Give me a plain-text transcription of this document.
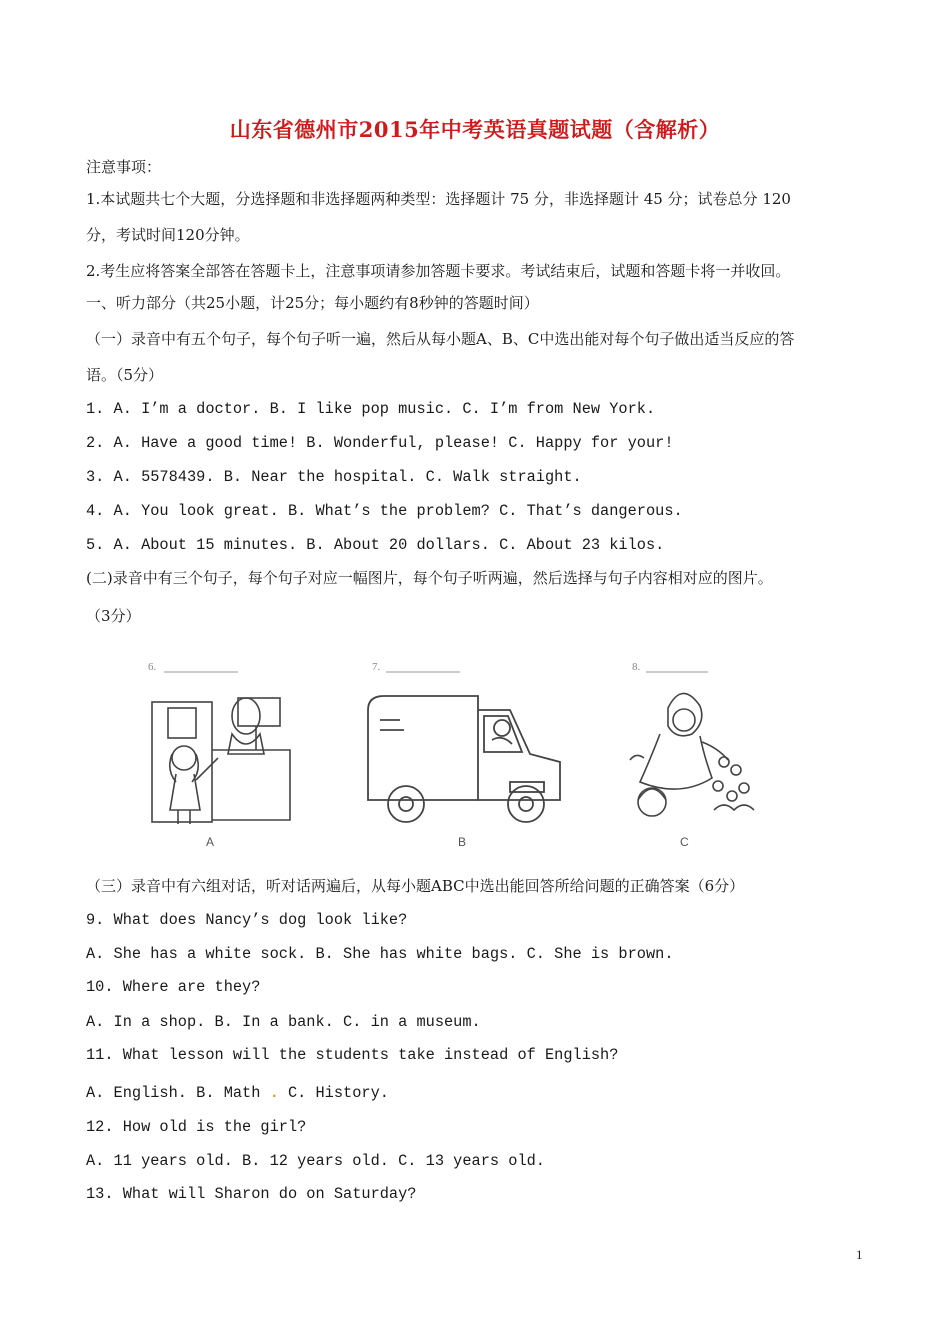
山东省德州市2015年中考英语真题试题（含解析）
注意事项：
1.本试题共七个大题，分选择题和非选择题两种类型：选择题计 75 分，非选择题计 45 分；试卷总分 120
分，考试时间120分钟。
2.考生应将答案全部答在答题卡上，注意事项请参加答题卡要求。考试结束后，试题和答题卡将一并收回。
一、听力部分（共25小题，计25分；每小题约有8秒钟的答题时间）
（一）录音中有五个句子，每个句子听一遍，然后从每小题A、B、C中选出能对每个句子做出适当反应的答
语。（5分）
1. A. I’m a doctor. B. I like pop music. C. I’m from New York.
2. A. Have a good time! B. Wonderful, please! C. Happy for your!
3. A. 5578439. B. Near the hospital. C. Walk straight.
4. A. You look great. B. What’s the problem? C. That’s dangerous.
5. A. About 15 minutes. B. About 20 dollars. C. About 23 kilos.
(二)录音中有三个句子，每个句子对应一幅图片，每个句子听两遍，然后选择与句子内容相对应的图片。
（3分）
6.
A
7.
B
8.
C
（三）录音中有六组对话，听对话两遍后，从每小题ABC中选出能回答所给问题的正确答案（6分）
9. What does Nancy’s dog look like?
A. She has a white sock. B. She has white bags. C. She is brown.
10. Where are they?
A. In a shop. B. In a bank. C. in a museum.
11. What lesson will the students take instead of English?
A. English. B. Math . C. History.
12. How old is the girl?
A. 11 years old. B. 12 years old. C. 13 years old.
13. What will Sharon do on Saturday?
1
